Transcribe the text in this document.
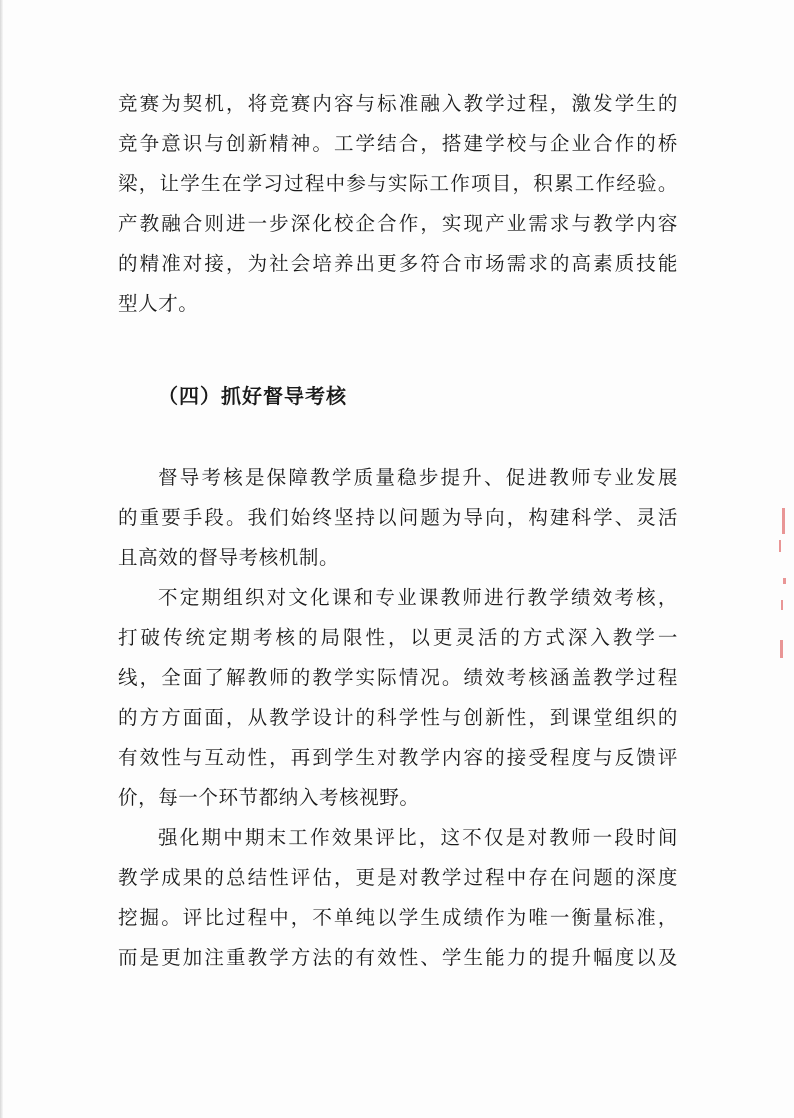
竞赛为契机，将竞赛内容与标准融入教学过程，激发学生的
竞争意识与创新精神。工学结合，搭建学校与企业合作的桥
梁，让学生在学习过程中参与实际工作项目，积累工作经验。
产教融合则进一步深化校企合作，实现产业需求与教学内容
的精准对接，为社会培养出更多符合市场需求的高素质技能
型人才。
（四）抓好督导考核
督导考核是保障教学质量稳步提升、促进教师专业发展
的重要手段。我们始终坚持以问题为导向，构建科学、灵活
且高效的督导考核机制。
不定期组织对文化课和专业课教师进行教学绩效考核，
打破传统定期考核的局限性，以更灵活的方式深入教学一
线，全面了解教师的教学实际情况。绩效考核涵盖教学过程
的方方面面，从教学设计的科学性与创新性，到课堂组织的
有效性与互动性，再到学生对教学内容的接受程度与反馈评
价，每一个环节都纳入考核视野。
强化期中期末工作效果评比，这不仅是对教师一段时间
教学成果的总结性评估，更是对教学过程中存在问题的深度
挖掘。评比过程中，不单纯以学生成绩作为唯一衡量标准，
而是更加注重教学方法的有效性、学生能力的提升幅度以及
